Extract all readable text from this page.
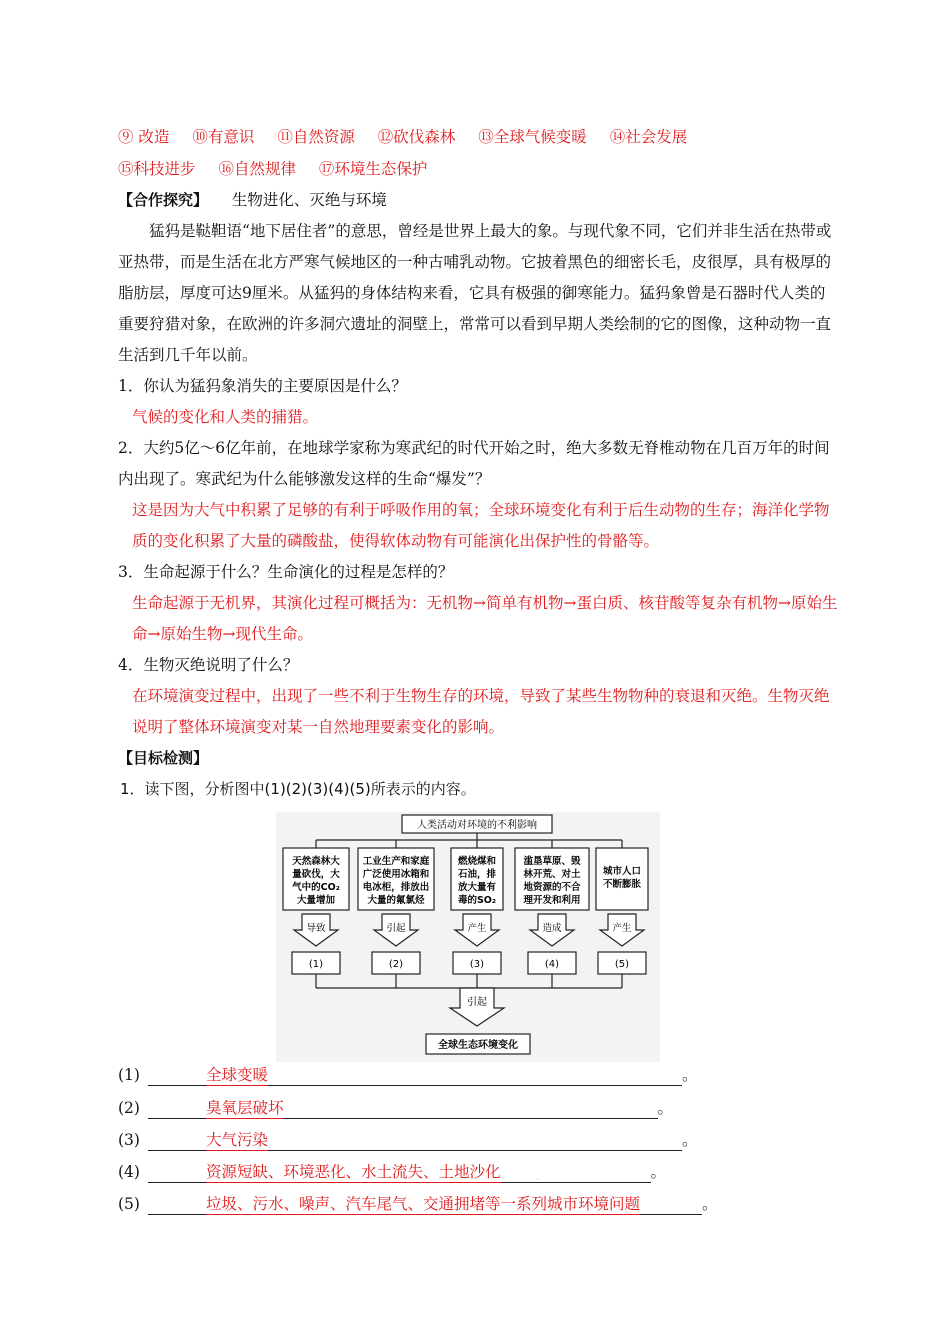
⑨ 改造 ⑩有意识 ⑪自然资源 ⑫砍伐森林 ⑬全球气候变暖 ⑭社会发展
⑮科技进步 ⑯自然规律 ⑰环境生态保护
【合作探究】 生物进化、灭绝与环境

猛犸是鞑靼语“地下居住者”的意思，曾经是世界上最大的象。与现代象不同，它们并非生活在热带或亚热带，而是生活在北方严寒气候地区的一种古哺乳动物。它披着黑色的细密长毛，皮很厚，具有极厚的脂肪层，厚度可达9厘米。从猛犸的身体结构来看，它具有极强的御寒能力。猛犸象曾是石器时代人类的重要狩猎对象，在欧洲的许多洞穴遗址的洞壁上，常常可以看到早期人类绘制的它的图像，这种动物一直生活到几千年以前。

1．你认为猛犸象消失的主要原因是什么？

气候的变化和人类的捕猎。

2．大约5亿～6亿年前，在地球学家称为寒武纪的时代开始之时，绝大多数无脊椎动物在几百万年的时间内出现了。寒武纪为什么能够激发这样的生命“爆发”？

这是因为大气中积累了足够的有利于呼吸作用的氧；全球环境变化有利于后生动物的生存；海洋化学物质的变化积累了大量的磷酸盐，使得软体动物有可能演化出保护性的骨骼等。

3．生命起源于什么？生命演化的过程是怎样的？

生命起源于无机界，其演化过程可概括为：无机物→简单有机物→蛋白质、核苷酸等复杂有机物→原始生命→原始生物→现代生命。

4．生物灭绝说明了什么？

在环境演变过程中，出现了一些不利于生物生存的环境，导致了某些生物物种的衰退和灭绝。生物灭绝说明了整体环境演变对某一自然地理要素变化的影响。

【目标检测】

1．读下图，分析图中(1)(2)(3)(4)(5)所表示的内容。

人类活动对环境的不利影响
天然森林大
量砍伐，大
气中的CO₂
大量增加
导致
(1)
工业生产和家庭
广泛使用冰箱和
电冰柜，排放出
大量的氟氯烃
引起
(2)
燃烧煤和
石油，排
放大量有
毒的SO₂
产生
(3)
滥垦草原、毁
林开荒、对土
地资源的不合
理开发和利用
造成
(4)
城市人口
不断膨胀
产生
(5)
引起
全球生态环境变化
(1)	全球变暖	。
(2)	臭氧层破坏	。
(3)	大气污染.	。
(4)	资源短缺、环境恶化、水土流失、土地沙化	.	。
(5)	垃圾、污水、噪声、汽车尾气、交通拥堵等一系列城市环境问题	。
